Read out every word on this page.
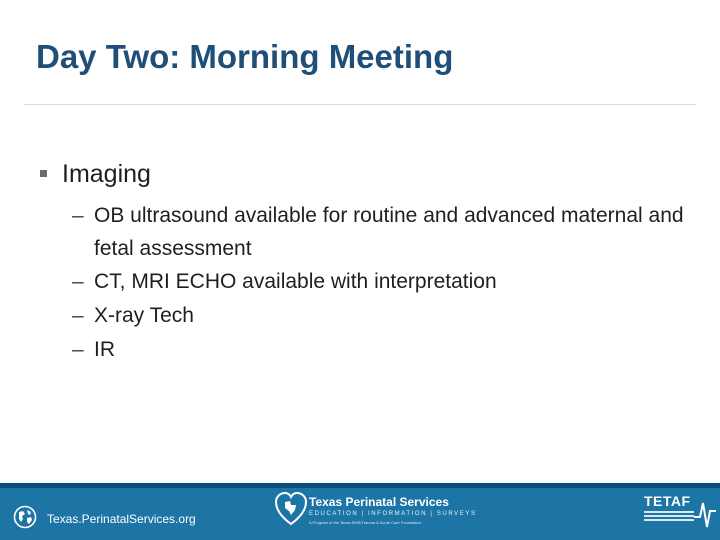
Day Two: Morning Meeting
Imaging
– OB ultrasound available for routine and advanced maternal and fetal assessment
– CT, MRI ECHO available with interpretation
– X-ray Tech
– IR
Texas.PerinatalServices.org
Texas Perinatal Services
EDUCATION | INFORMATION | SURVEYS
A Program of the Texas EMS/Trauma & Acute Care Foundation
TETAF
